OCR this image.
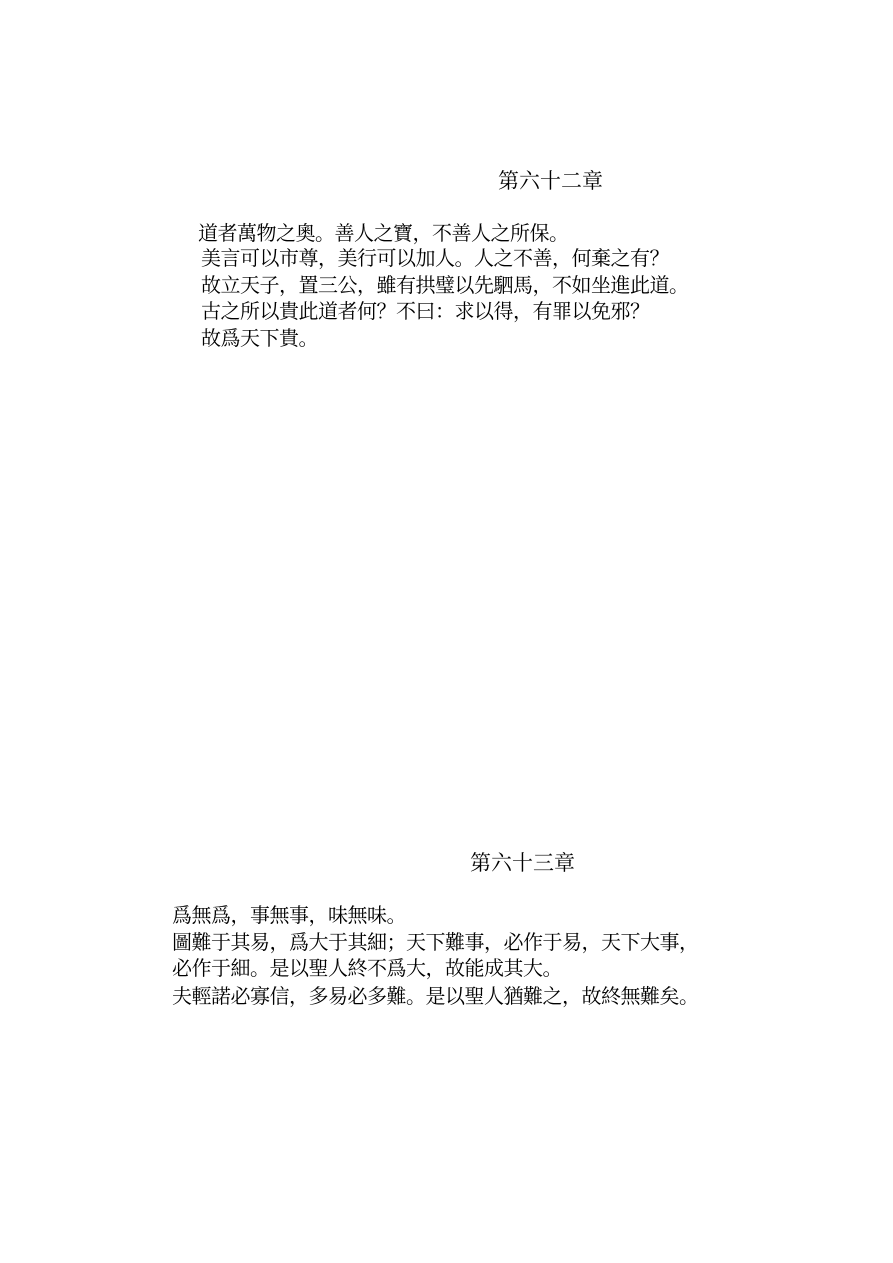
第六十二章
道者萬物之奧。善人之寶，不善人之所保。
美言可以市尊，美行可以加人。人之不善，何棄之有？
故立天子，置三公，雖有拱璧以先駟馬，不如坐進此道。
古之所以貴此道者何？不曰：求以得，有罪以免邪？
故爲天下貴。
第六十三章
爲無爲，事無事，味無味。
圖難于其易，爲大于其細；天下難事，必作于易，天下大事，
必作于細。是以聖人終不爲大，故能成其大。
夫輕諾必寡信，多易必多難。是以聖人猶難之，故終無難矣。
